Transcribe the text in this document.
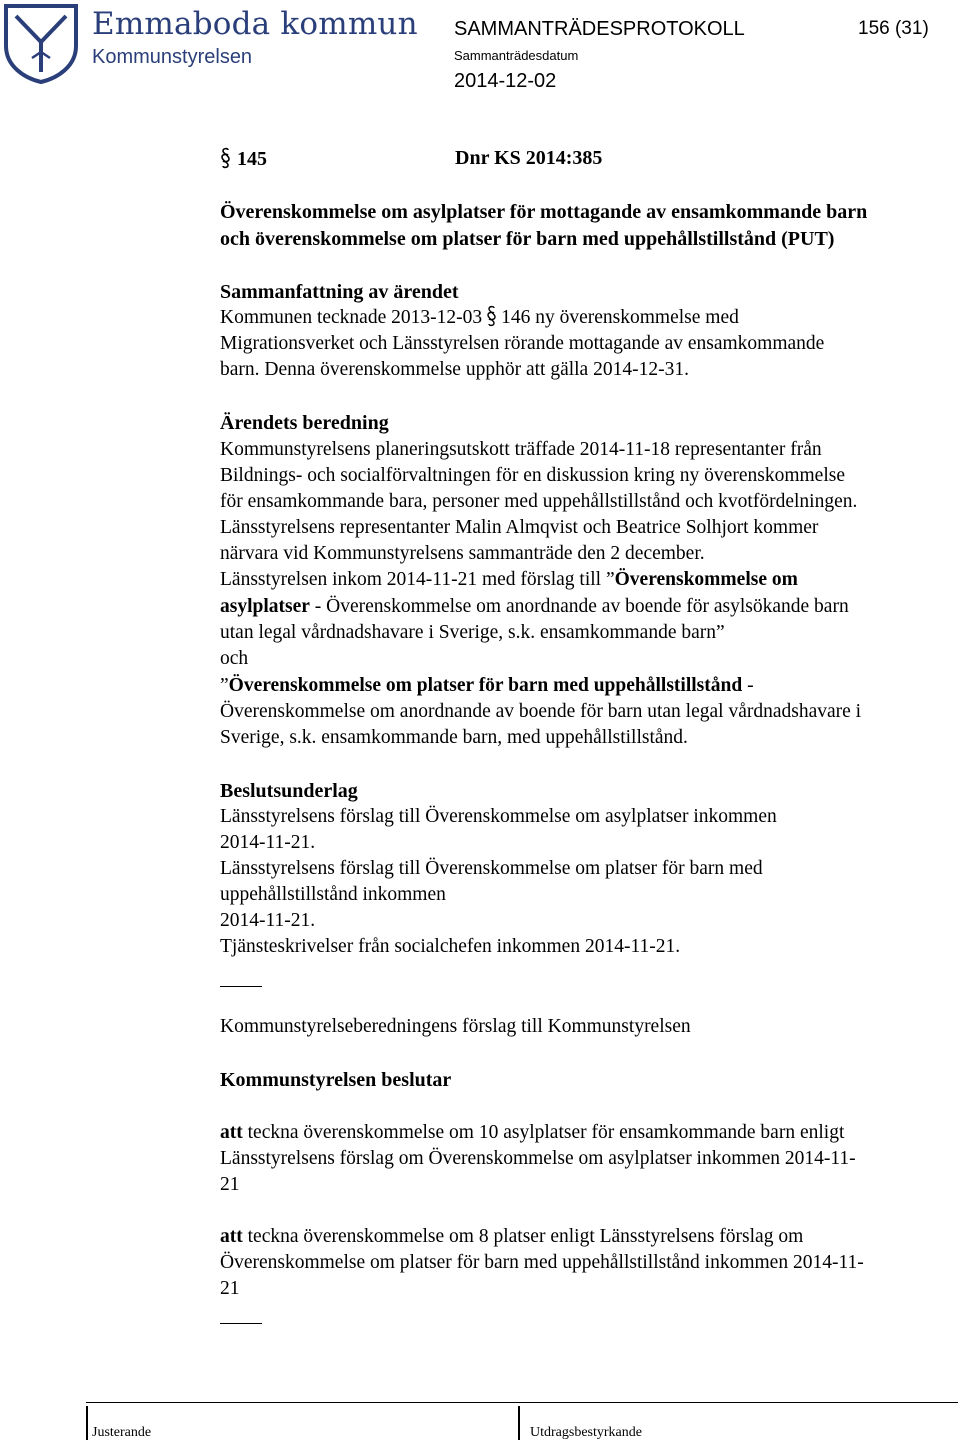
Emmaboda kommun
Kommunstyrelsen
SAMMANTRÄDESPROTOKOLL	156 (31)
Sammanträdesdatum
2014-12-02
145	Dnr KS 2014:385
Överenskommelse om asylplatser för mottagande av ensamkommande barn
och överenskommelse om platser för barn med uppehållstillstånd (PUT)
Sammanfattning av ärendet
Kommunen tecknade 2013-12-03 146 ny överenskommelse med
Migrationsverket och Länsstyrelsen rörande mottagande av ensamkommande
barn. Denna överenskommelse upphör att gälla 2014-12-31.
Ärendets beredning
Kommunstyrelsens planeringsutskott träffade 2014-11-18 representanter från
Bildnings- och socialförvaltningen för en diskussion kring ny överenskommelse
för ensamkommande bara, personer med uppehållstillstånd och kvotfördelningen.
Länsstyrelsens representanter Malin Almqvist och Beatrice Solhjort kommer
närvara vid Kommunstyrelsens sammanträde den 2 december.
Länsstyrelsen inkom 2014-11-21 med förslag till ”Överenskommelse om
asylplatser - Överenskommelse om anordnande av boende för asylsökande barn
utan legal vårdnadshavare i Sverige, s.k. ensamkommande barn”
och
”Överenskommelse om platser för barn med uppehållstillstånd -
Överenskommelse om anordnande av boende för barn utan legal vårdnadshavare i
Sverige, s.k. ensamkommande barn, med uppehållstillstånd.
Beslutsunderlag
Länsstyrelsens förslag till Överenskommelse om asylplatser inkommen
2014-11-21.
Länsstyrelsens förslag till Överenskommelse om platser för barn med
uppehållstillstånd inkommen
2014-11-21.
Tjänsteskrivelser från socialchefen inkommen 2014-11-21.
Kommunstyrelseberedningens förslag till Kommunstyrelsen
Kommunstyrelsen beslutar
att teckna överenskommelse om 10 asylplatser för ensamkommande barn enligt
Länsstyrelsens förslag om Överenskommelse om asylplatser inkommen 2014-11-
21
att teckna överenskommelse om 8 platser enligt Länsstyrelsens förslag om
Överenskommelse om platser för barn med uppehållstillstånd inkommen 2014-11-
21
Justerande	Utdragsbestyrkande
